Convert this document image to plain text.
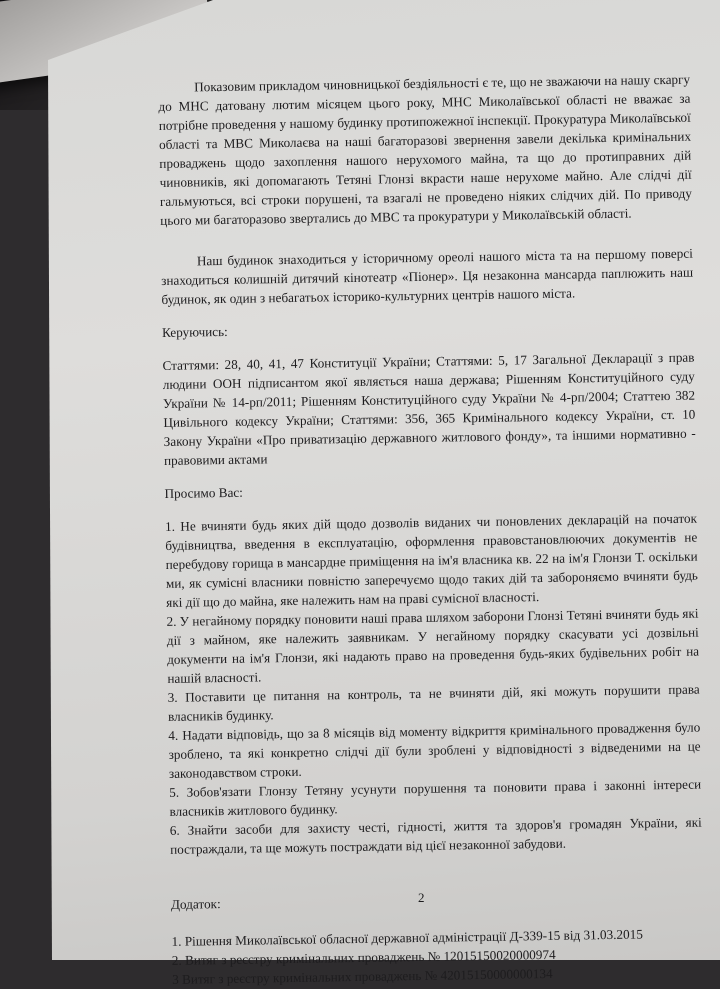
Показовим прикладом чиновницької бездіяльності є те, що не зважаючи на нашу скаргу до МНС датовану лютим місяцем цього року, МНС Миколаївської області не вважає за потрібне проведення у нашому будинку протипожежної інспекції. Прокуратура Миколаївської області та МВС Миколаєва на наші багаторазові звернення завели декілька кримінальних проваджень щодо захоплення нашого нерухомого майна, та що до протиправних дій чиновників, які допомагають Тетяні Глонзі вкрасти наше нерухоме майно. Але слідчі дії гальмуються, всі строки порушені, та взагалі не проведено ніяких слідчих дій. По приводу цього ми багаторазово звертались до МВС та прокуратури у Миколаївській області.

Наш будинок знаходиться у історичному ореолі нашого міста та на першому поверсі знаходиться колишній дитячий кінотеатр «Піонер». Ця незаконна мансарда паплюжить наш будинок, як один з небагатьох історико-культурних центрів нашого міста.

Керуючись:

Статтями: 28, 40, 41, 47 Конституції України; Статтями: 5, 17 Загальної Декларації з прав людини ООН підписантом якої являється наша держава; Рішенням Конституційного суду України № 14-рп/2011; Рішенням Конституційного суду України № 4-рп/2004; Статтею 382 Цивільного кодексу України; Статтями: 356, 365 Кримінального кодексу України, ст. 10 Закону України «Про приватизацію державного житлового фонду», та іншими нормативно - правовими актами

Просимо Вас:

1. Не вчиняти будь яких дій щодо дозволів виданих чи поновлених декларацій на початок будівництва, введення в експлуатацію, оформлення правовстановлюючих документів не перебудову горища в мансардне приміщення на ім'я власника кв. 22 на ім'я Глонзи Т. оскільки ми, як суміснi власники повністю заперечуємо щодо таких дій та забороняємо вчиняти будь які дії що до майна, яке належить нам на праві сумісної власності.

2. У негайному порядку поновити наші права шляхом заборони Глонзі Тетяні вчиняти будь які дії з майном, яке належить заявникам. У негайному порядку скасувати усі дозвільні документи на ім'я Глонзи, які надають право на проведення будь-яких будівельних робіт на нашій власності.

3. Поставити це питання на контроль, та не вчиняти дій, які можуть порушити права власників будинку.

4. Надати відповідь, що за 8 місяців від моменту відкриття кримінального провадження було зроблено, та які конкретно слідчі дії були зроблені у відповідності з відведеними на це законодавством строки.

5. Зобов'язати Глонзу Тетяну усунути порушення та поновити права і законні інтереси власників житлового будинку.

6. Знайти засоби для захисту честі, гідності, життя та здоров'я громадян України, які постраждали, та ще можуть постраждати від цієї незаконної забудови.

Додаток:

1. Рішення Миколаївської обласної державної адміністрації Д-339-15 від 31.03.2015

2. Витяг з реєстру кримінальних проваджень № 12015150020000974

3 Витяг з реєстру кримінальних проваджень № 42015150000000134

2
